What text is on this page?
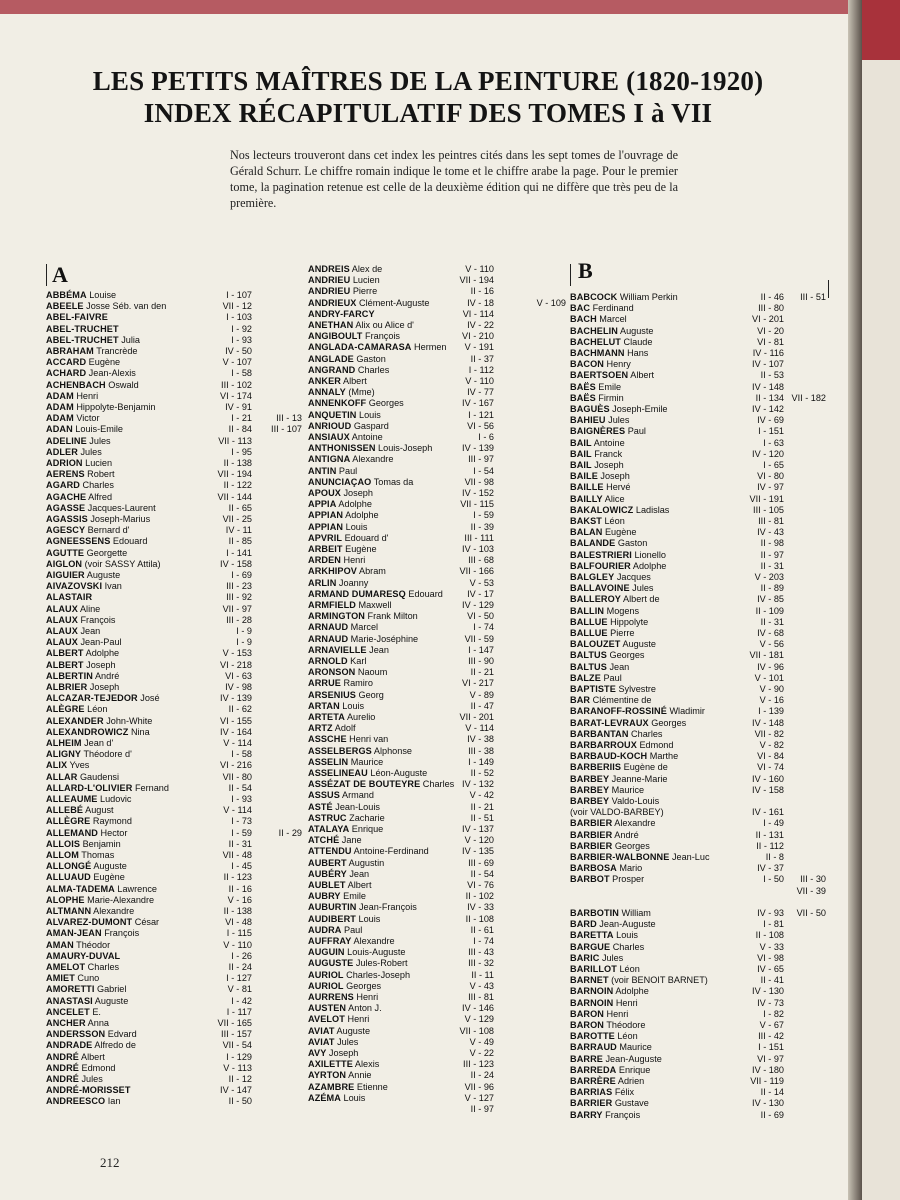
LES PETITS MAÎTRES DE LA PEINTURE (1820-1920)
INDEX RÉCAPITULATIF DES TOMES I à VII
Nos lecteurs trouveront dans cet index les peintres cités dans les sept tomes de l'ouvrage de Gérald Schurr. Le chiffre romain indique le tome et le chiffre arabe la page. Pour le premier tome, la pagination retenue est celle de la deuxième édition qui ne diffère que très peu de la première.
A
ABBÉMA Louise	I - 107
ABEELE Josse Séb. van den	VII - 12
ABEL-FAIVRE	I - 103
ABEL-TRUCHET	I - 92
ABEL-TRUCHET Julia	I - 93
ABRAHAM Trancrède	IV - 50
ACCARD Eugène	V - 107
ACHARD Jean-Alexis	I - 58
ACHENBACH Oswald	III - 102
ADAM Henri	VI - 174
ADAM Hippolyte-Benjamin	IV - 91
ADAM Victor	I - 21	III - 13
ADAN Louis-Emile	II - 84 III - 107
ADELINE Jules	VII - 113
ADLER Jules	I - 95
ADRION Lucien	II - 138
AERENS Robert	VII - 194
AGARD Charles	II - 122
AGACHE Alfred	VII - 144
AGASSE Jacques-Laurent	II - 65
AGASSIS Joseph-Marius	VII - 25
AGESCY Bernard d'	IV - 11
AGNEESSENS Edouard	II - 85
AGUTTE Georgette	I - 141
AIGLON (voir SASSY Attila)	IV - 158
AIGUIER Auguste	I - 69
AIVAZOVSKI Ivan	III - 23
ALASTAIR	III - 92
ALAUX Aline	VII - 97
ALAUX François	III - 28
ALAUX Jean	I - 9
ALAUX Jean-Paul	I - 9
ALBERT Adolphe	V - 153
ALBERT Joseph	VI - 218
ALBERTIN André	VI - 63
ALBRIER Joseph	IV - 98
ALCAZAR-TEJEDOR José	IV - 139
ALÈGRE Léon	II - 62
ALEXANDER John-White	VI - 155
ALEXANDROWICZ Nina	IV - 164
ALHEIM Jean d'	V - 114
ALIGNY Théodore d'	I - 58
ALIX Yves	VI - 216
ALLAR Gaudensi	VII - 80
ALLARD-L'OLIVIER Fernand	II - 54
ALLEAUME Ludovic	I - 93
ALLEBÉ August	V - 114
ALLÈGRE Raymond	I - 73
ALLEMAND Hector	I - 59	II - 29
ALLOIS Benjamin	II - 31
ALLOM Thomas	VII - 48
ALLONGÉ Auguste	I - 45
ALLUAUD Eugène	II - 123
ALMA-TADEMA Lawrence	II - 16
ALOPHE Marie-Alexandre	V - 16
ALTMANN Alexandre	II - 138
ALVAREZ-DUMONT César	VI - 48
AMAN-JEAN François	I - 115
AMAN Théodor	V - 110
AMAURY-DUVAL	I - 26
AMELOT Charles	II - 24
AMIET Cuno	I - 127
AMORETTI Gabriel	V - 81
ANASTASI Auguste	I - 42
ANCELET E.	I - 117
ANCHER Anna	VII - 165
ANDERSSON Edvard	III - 157
ANDRADE Alfredo de	VII - 54
ANDRÉ Albert	I - 129
ANDRÉ Edmond	V - 113
ANDRÉ Jules	II - 12
ANDRÉ-MORISSET	IV - 147
ANDREESCO Ian	II - 50
ANDREIS Alex de	V - 110
ANDRIEU Lucien	VII - 194
ANDRIEU Pierre	II - 16
ANDRIEUX Clément-Auguste	IV - 18	V - 109
ANDRY-FARCY	VI - 114
ANETHAN Alix ou Alice d'	IV - 22
ANGIBOULT François	VI - 210
ANGLADA-CAMARASA Hermen V - 191
ANGLADE Gaston	II - 37
ANGRAND Charles	I - 112
ANKER Albert	V - 110
ANNALY (Mme)	IV - 77
ANNENKOFF Georges	IV - 167
ANQUETIN Louis	I - 121
ANRIOUD Gaspard	VI - 56
ANSIAUX Antoine	I - 6
ANTHONISSEN Louis-Joseph	IV - 139
ANTIGNA Alexandre	III - 97
ANTIN Paul	I - 54
ANUNCIAÇAO Tomas da	VII - 98
APOUX Joseph	IV - 152
APPIA Adolphe	VII - 115
APPIAN Adolphe	I - 59
APPIAN Louis	II - 39
APVRIL Edouard d'	III - 111
ARBEIT Eugène	IV - 103
ARDEN Henri	III - 68
ARKHIPOV Abram	VII - 166
ARLIN Joanny	V - 53
ARMAND DUMARESQ Edouard	IV - 17
ARMFIELD Maxwell	IV - 129
ARMINGTON Frank Milton	VI - 50
ARNAUD Marcel	I - 74
ARNAUD Marie-Joséphine	VII - 59
ARNAVIELLE Jean	I - 147
ARNOLD Karl	III - 90
ARONSON Naoum	II - 21
ARRUE Ramiro	VI - 217
ARSENIUS Georg	V - 89
ARTAN Louis	II - 47
ARTETA Aurelio	VII - 201
ARTZ Adolf	V - 114
ASSCHE Henri van	IV - 38
ASSELBERGS Alphonse	III - 38
ASSELIN Maurice	I - 149
ASSELINEAU Léon-Auguste	II - 52
ASSÉZAT DE BOUTEYRE Charles IV - 132
ASSUS Armand	V - 42
ASTÉ Jean-Louis	II - 21
ASTRUC Zacharie	II - 51
ATALAYA Enrique	IV - 137
ATCHÉ Jane	V - 120
ATTENDU Antoine-Ferdinand	IV - 135
AUBERT Augustin	III - 69
AUBÉRY Jean	II - 54
AUBLET Albert	VI - 76
AUBRY Emile	II - 102
AUBURTIN Jean-François	IV - 33
AUDIBERT Louis	II - 108
AUDRA Paul	II - 61
AUFFRAY Alexandre	I - 74
AUGUIN Louis-Auguste	III - 43
AUGUSTE Jules-Robert	III - 32
AURIOL Charles-Joseph	II - 11
AURIOL Georges	V - 43
AURRENS Henri	III - 81
AUSTEN Anton J.	IV - 146
AVELOT Henri	V - 129
AVIAT Auguste	VII - 108
AVIAT Jules	V - 49
AVY Joseph	V - 22
AXILETTE Alexis	III - 123
AYRTON Annie	II - 24
AZAMBRE Etienne	VII - 96
AZÉMA Louis	V - 127
II - 97
B
BABCOCK William Perkin	II - 46 III - 51
BAC Ferdinand	III - 80
BACH Marcel	VI - 201
BACHELIN Auguste	VI - 20
BACHELUT Claude	VI - 81
BACHMANN Hans	IV - 116
BACON Henry	IV - 107
BAERTSOEN Albert	II - 53
BAËS Emile	IV - 148
BAËS Firmin	II - 134 VII - 182
BAGUÈS Joseph-Emile	IV - 142
BAHIEU Jules	IV - 69
BAIGNÈRES Paul	I - 151
BAIL Antoine	I - 63
BAIL Franck	IV - 120
BAIL Joseph	I - 65
BAILE Joseph	VI - 80
BAILLE Hervé	IV - 97
BAILLY Alice	VII - 191
BAKALOWICZ Ladislas	III - 105
BAKST Léon	III - 81
BALAN Eugène	IV - 43
BALANDE Gaston	II - 98
BALESTRIERI Lionello	II - 97
BALFOURIER Adolphe	II - 31
BALGLEY Jacques	V - 203
BALLAVOINE Jules	II - 89
BALLEROY Albert de	IV - 85
BALLIN Mogens	II - 109
BALLUE Hippolyte	II - 31
BALLUE Pierre	IV - 68
BALOUZET Auguste	V - 56
BALTUS Georges	VII - 181
BALTUS Jean	IV - 96
BALZE Paul	V - 101
BAPTISTE Sylvestre	V - 90
BAR Clémentine de	V - 16
BARANOFF-ROSSINÉ Wladimir	I - 139
BARAT-LEVRAUX Georges	IV - 148
BARBANTAN Charles	VII - 82
BARBARROUX Edmond	V - 82
BARBAUD-KOCH Marthe	VI - 84
BARBERIIS Eugène de	VI - 74
BARBEY Jeanne-Marie	IV - 160
BARBEY Maurice	IV - 158
BARBEY Valdo-Louis
(voir VALDO-BARBEY)	IV - 161
BARBIER Alexandre	I - 49
BARBIER André	II - 131
BARBIER Georges	II - 112
BARBIER-WALBONNE Jean-Luc	II - 8
BARBOSA Mario	IV - 37
BARBOT Prosper	I - 50 III - 30
VII - 39
BARBOTIN William	IV - 93 VII - 50
BARD Jean-Auguste	I - 81
BARETTA Louis	II - 108
BARGUE Charles	V - 33
BARIC Jules	VI - 98
BARILLOT Léon	IV - 65
BARNET (voir BENOIT BARNET)	II - 41
BARNOIN Adolphe	IV - 130
BARNOIN Henri	IV - 73
BARON Henri	I - 82
BARON Théodore	V - 67
BAROTTE Léon	III - 42
BARRAUD Maurice	I - 151
BARRE Jean-Auguste	VI - 97
BARREDA Enrique	IV - 180
BARRÈRE Adrien	VII - 119
BARRIAS Félix	II - 14
BARRIER Gustave	IV - 130
BARRY François	II - 69
212
